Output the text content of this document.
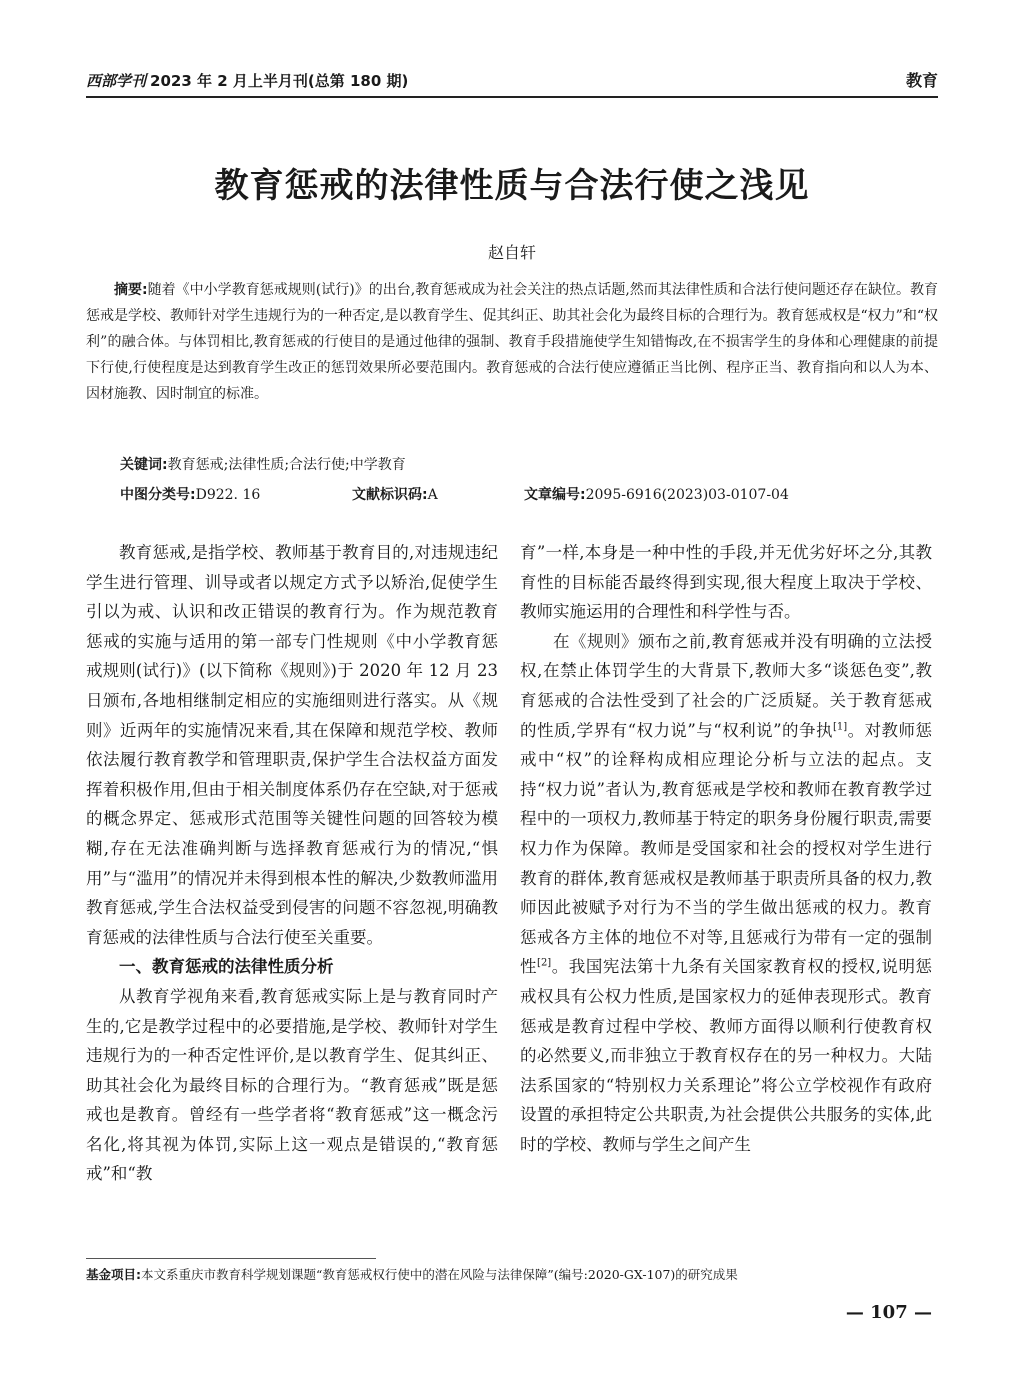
西部学刊 2023 年 2 月上半月刊(总第 180 期)	教育
教育惩戒的法律性质与合法行使之浅见
赵自轩

摘要:随着《中小学教育惩戒规则(试行)》的出台,教育惩戒成为社会关注的热点话题,然而其法律性质和合法行使问题还存在缺位。教育惩戒是学校、教师针对学生违规行为的一种否定,是以教育学生、促其纠正、助其社会化为最终目标的合理行为。教育惩戒权是“权力”和“权利”的融合体。与体罚相比,教育惩戒的行使目的是通过他律的强制、教育手段措施使学生知错悔改,在不损害学生的身体和心理健康的前提下行使,行使程度是达到教育学生改正的惩罚效果所必要范围内。教育惩戒的合法行使应遵循正当比例、程序正当、教育指向和以人为本、因材施教、因时制宜的标准。

关键词:教育惩戒;法律性质;合法行使;中学教育
中图分类号:D922. 16	文献标识码:A	文章编号:2095-6916(2023)03-0107-04

教育惩戒,是指学校、教师基于教育目的,对违规违纪学生进行管理、训导或者以规定方式予以矫治,促使学生引以为戒、认识和改正错误的教育行为。作为规范教育惩戒的实施与适用的第一部专门性规则《中小学教育惩戒规则(试行)》(以下简称《规则》)于 2020 年 12 月 23 日颁布,各地相继制定相应的实施细则进行落实。从《规则》近两年的实施情况来看,其在保障和规范学校、教师依法履行教育教学和管理职责,保护学生合法权益方面发挥着积极作用,但由于相关制度体系仍存在空缺,对于惩戒的概念界定、惩戒形式范围等关键性问题的回答较为模糊,存在无法准确判断与选择教育惩戒行为的情况,“惧用”与“滥用”的情况并未得到根本性的解决,少数教师滥用教育惩戒,学生合法权益受到侵害的问题不容忽视,明确教育惩戒的法律性质与合法行使至关重要。

一、教育惩戒的法律性质分析

从教育学视角来看,教育惩戒实际上是与教育同时产生的,它是教学过程中的必要措施,是学校、教师针对学生违规行为的一种否定性评价,是以教育学生、促其纠正、助其社会化为最终目标的合理行为。“教育惩戒”既是惩戒也是教育。曾经有一些学者将“教育惩戒”这一概念污名化,将其视为体罚,实际上这一观点是错误的,“教育惩戒”和“教

育”一样,本身是一种中性的手段,并无优劣好坏之分,其教育性的目标能否最终得到实现,很大程度上取决于学校、教师实施运用的合理性和科学性与否。

在《规则》颁布之前,教育惩戒并没有明确的立法授权,在禁止体罚学生的大背景下,教师大多“谈惩色变”,教育惩戒的合法性受到了社会的广泛质疑。关于教育惩戒的性质,学界有“权力说”与“权利说”的争执[1]。对教师惩戒中“权”的诠释构成相应理论分析与立法的起点。支持“权力说”者认为,教育惩戒是学校和教师在教育教学过程中的一项权力,教师基于特定的职务身份履行职责,需要权力作为保障。教师是受国家和社会的授权对学生进行教育的群体,教育惩戒权是教师基于职责所具备的权力,教师因此被赋予对行为不当的学生做出惩戒的权力。教育惩戒各方主体的地位不对等,且惩戒行为带有一定的强制性[2]。我国宪法第十九条有关国家教育权的授权,说明惩戒权具有公权力性质,是国家权力的延伸表现形式。教育惩戒是教育过程中学校、教师方面得以顺利行使教育权的必然要义,而非独立于教育权存在的另一种权力。大陆法系国家的“特别权力关系理论”将公立学校视作有政府设置的承担特定公共职责,为社会提供公共服务的实体,此时的学校、教师与学生之间产生

基金项目:本文系重庆市教育科学规划课题“教育惩戒权行使中的潜在风险与法律保障”(编号:2020-GX-107)的研究成果
— 107 —
